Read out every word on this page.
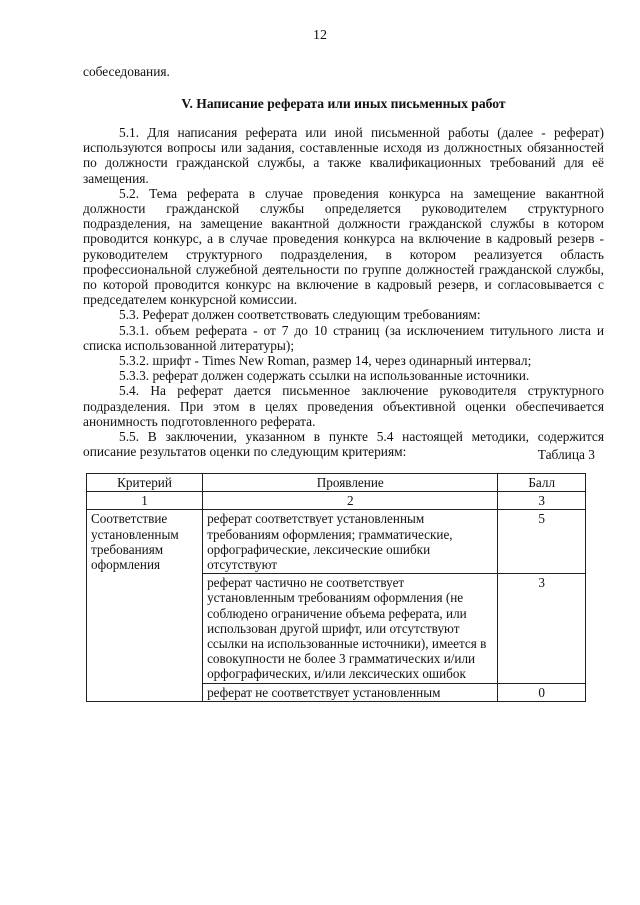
12
собеседования.
V. Написание реферата или иных письменных работ

5.1. Для написания реферата или иной письменной работы (далее - реферат) используются вопросы или задания, составленные исходя из должностных обязанностей по должности гражданской службы, а также квалификационных требований для её замещения.

5.2. Тема реферата в случае проведения конкурса на замещение вакантной должности гражданской службы определяется руководителем структурного подразделения, на замещение вакантной должности гражданской службы в котором проводится конкурс, а в случае проведения конкурса на включение в кадровый резерв - руководителем структурного подразделения, в котором реализуется область профессиональной служебной деятельности по группе должностей гражданской службы, по которой проводится конкурс на включение в кадровый резерв, и согласовывается с председателем конкурсной комиссии.

5.3. Реферат должен соответствовать следующим требованиям:

5.3.1. объем реферата - от 7 до 10 страниц (за исключением титульного листа и списка использованной литературы);

5.3.2. шрифт - Times New Roman, размер 14, через одинарный интервал;

5.3.3. реферат должен содержать ссылки на использованные источники.

5.4. На реферат дается письменное заключение руководителя структурного подразделения. При этом в целях проведения объективной оценки обеспечивается анонимность подготовленного реферата.

5.5. В заключении, указанном в пункте 5.4 настоящей методики, содержится описание результатов оценки по следующим критериям:	Таблица 3
Критерий	Проявление	Балл
1	2	3
Соответствие установленным требованиям оформления	реферат соответствует установленным требованиям оформления; грамматические, орфографические, лексические ошибки отсутствуют	5
	реферат частично не соответствует установленным требованиям оформления (не соблюдено ограничение объема реферата, или использован другой шрифт, или отсутствуют ссылки на использованные источники), имеется в совокупности не более 3 грамматических и/или орфографических, и/или лексических ошибок	3
	реферат не соответствует установленным	0
